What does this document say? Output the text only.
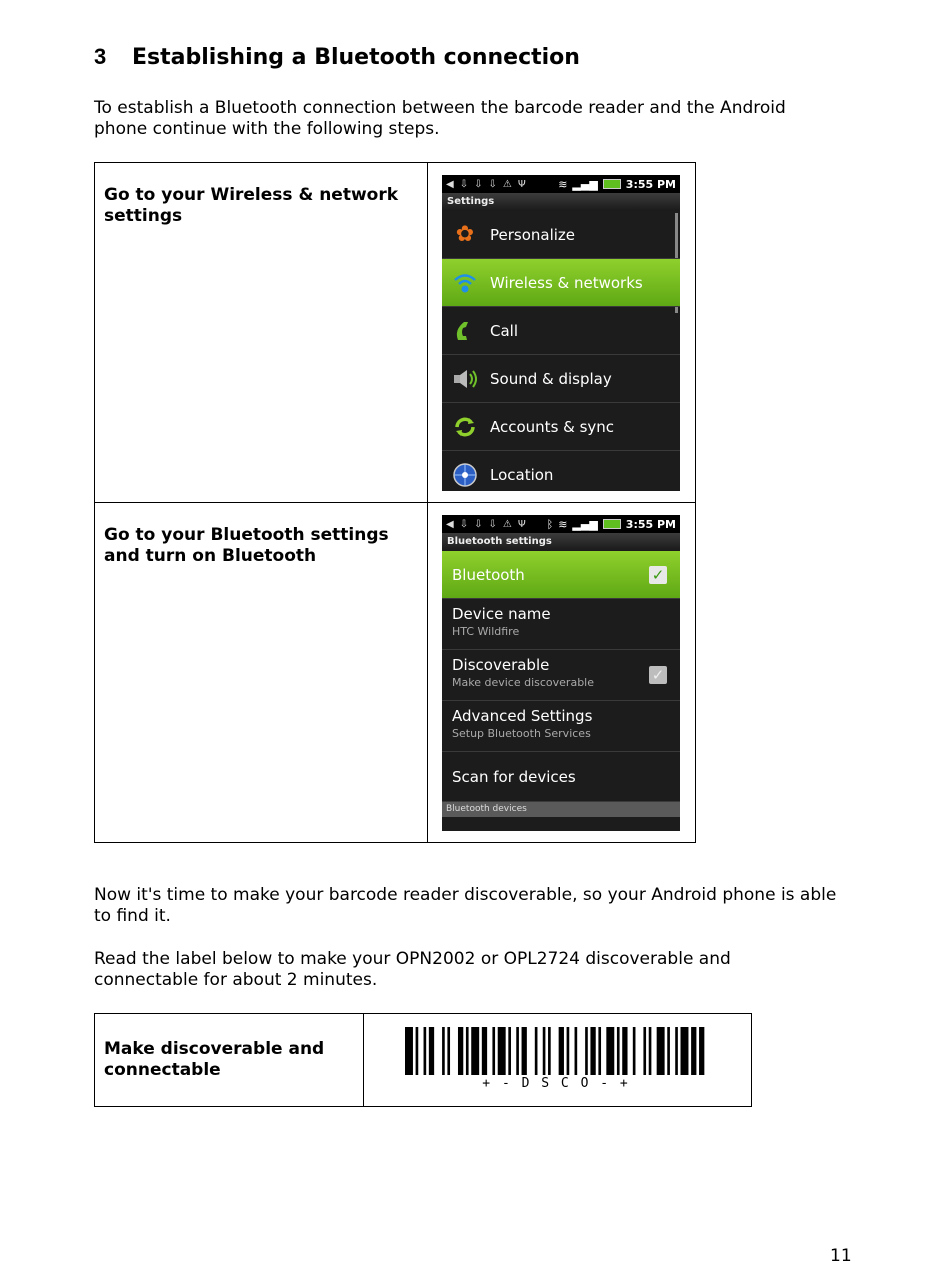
3 Establishing a Bluetooth connection
To establish a Bluetooth connection between the barcode reader and the Android phone continue with the following steps.
Go to your Wireless & network settings
◀ ⇩ ⇩ ⇩ ⚠ Ψ	≋ ▂▄▆	3:55 PM
Settings
✿	Personalize
Wireless & networks
Call
Sound & display
Accounts & sync
Location
Go to your Bluetooth settings and turn on Bluetooth
◀ ⇩ ⇩ ⇩ ⚠ Ψ ᛒ ≋ ▂▄▆	3:55 PM
Bluetooth settings
Bluetooth	✓
Device name
HTC Wildfire
Discoverable
Make device discoverable	✓
Advanced Settings
Setup Bluetooth Services
Scan for devices
Bluetooth devices
Now it's time to make your barcode reader discoverable, so your Android phone is able to find it.
Read the label below to make your OPN2002 or OPL2724 discoverable and connectable for about 2 minutes.
Make discoverable and connectable
+ - D S C O - +
11
